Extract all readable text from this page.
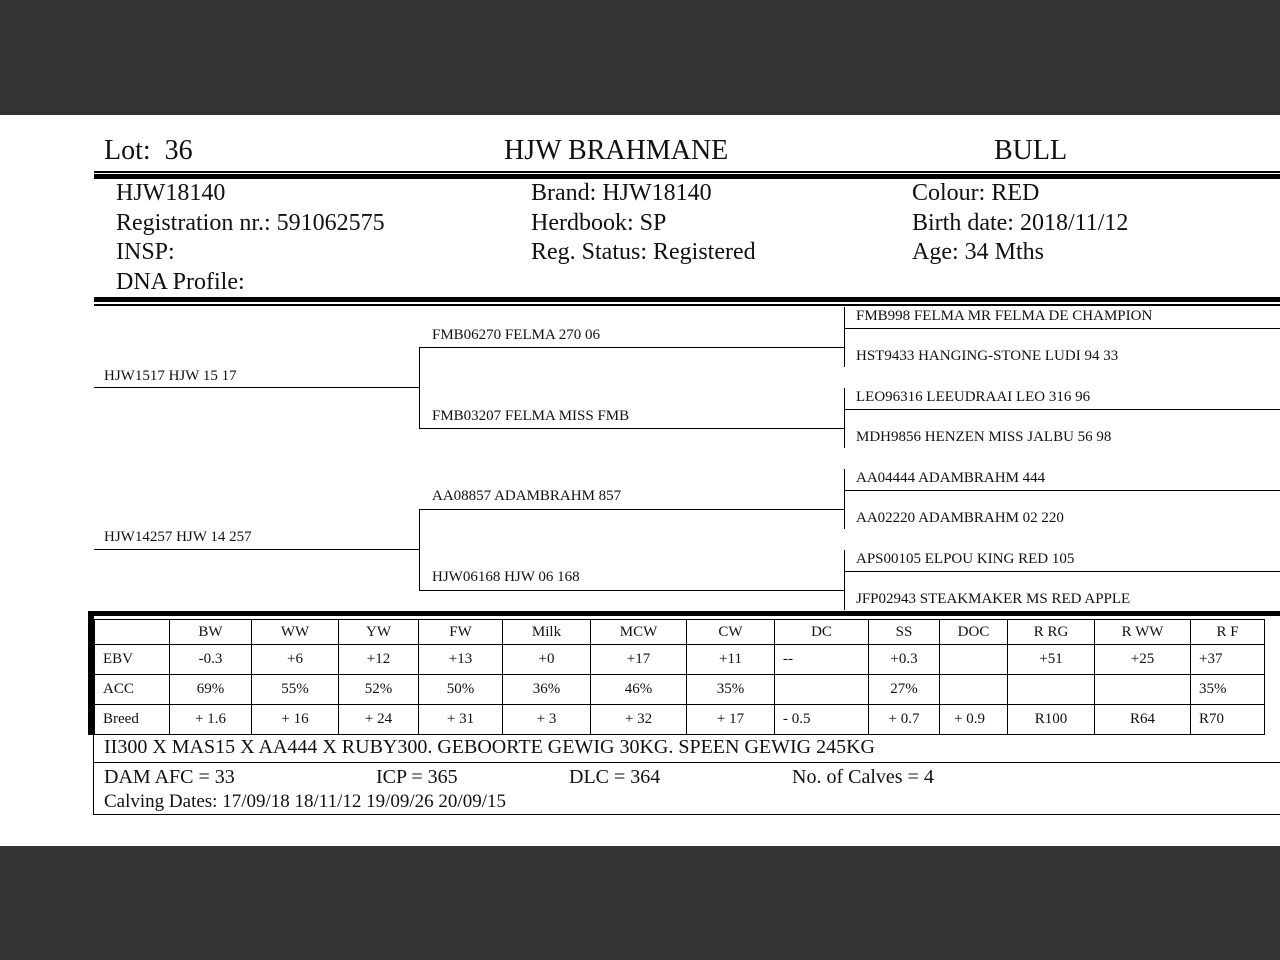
Lot: 36	HJW BRAHMANE	BULL
HJW18140
Registration nr.: 591062575
INSP:
DNA Profile:
Brand: HJW18140
Herdbook: SP
Reg. Status: Registered
Colour: RED
Birth date: 2018/11/12
Age: 34 Mths
HJW1517 HJW 15 17
HJW14257 HJW 14 257
FMB06270 FELMA 270 06
FMB03207 FELMA MISS FMB
AA08857 ADAMBRAHM 857
HJW06168 HJW 06 168
FMB998 FELMA MR FELMA DE CHAMPION
HST9433 HANGING-STONE LUDI 94 33
LEO96316 LEEUDRAAI LEO 316 96
MDH9856 HENZEN MISS JALBU 56 98
AA04444 ADAMBRAHM 444
AA02220 ADAMBRAHM 02 220
APS00105 ELPOU KING RED 105
JFP02943 STEAKMAKER MS RED APPLE
	BW	WW	YW	FW	Milk	MCW	CW	DC	SS	DOC	R RG	R WW	R F
EBV	-0.3	+6	+12	+13	+0	+17	+11	--	+0.3		+51	+25	+37
ACC	69%	55%	52%	50%	36%	46%	35%		27%				35%
Breed	+ 1.6	+ 16	+ 24	+ 31	+ 3	+ 32	+ 17	- 0.5	+ 0.7	+ 0.9	R100	R64	R70
II300 X MAS15 X AA444 X RUBY300. GEBOORTE GEWIG 30KG. SPEEN GEWIG 245KG
DAM AFC = 33	ICP = 365	DLC = 364	No. of Calves = 4
Calving Dates: 17/09/18 18/11/12 19/09/26 20/09/15
